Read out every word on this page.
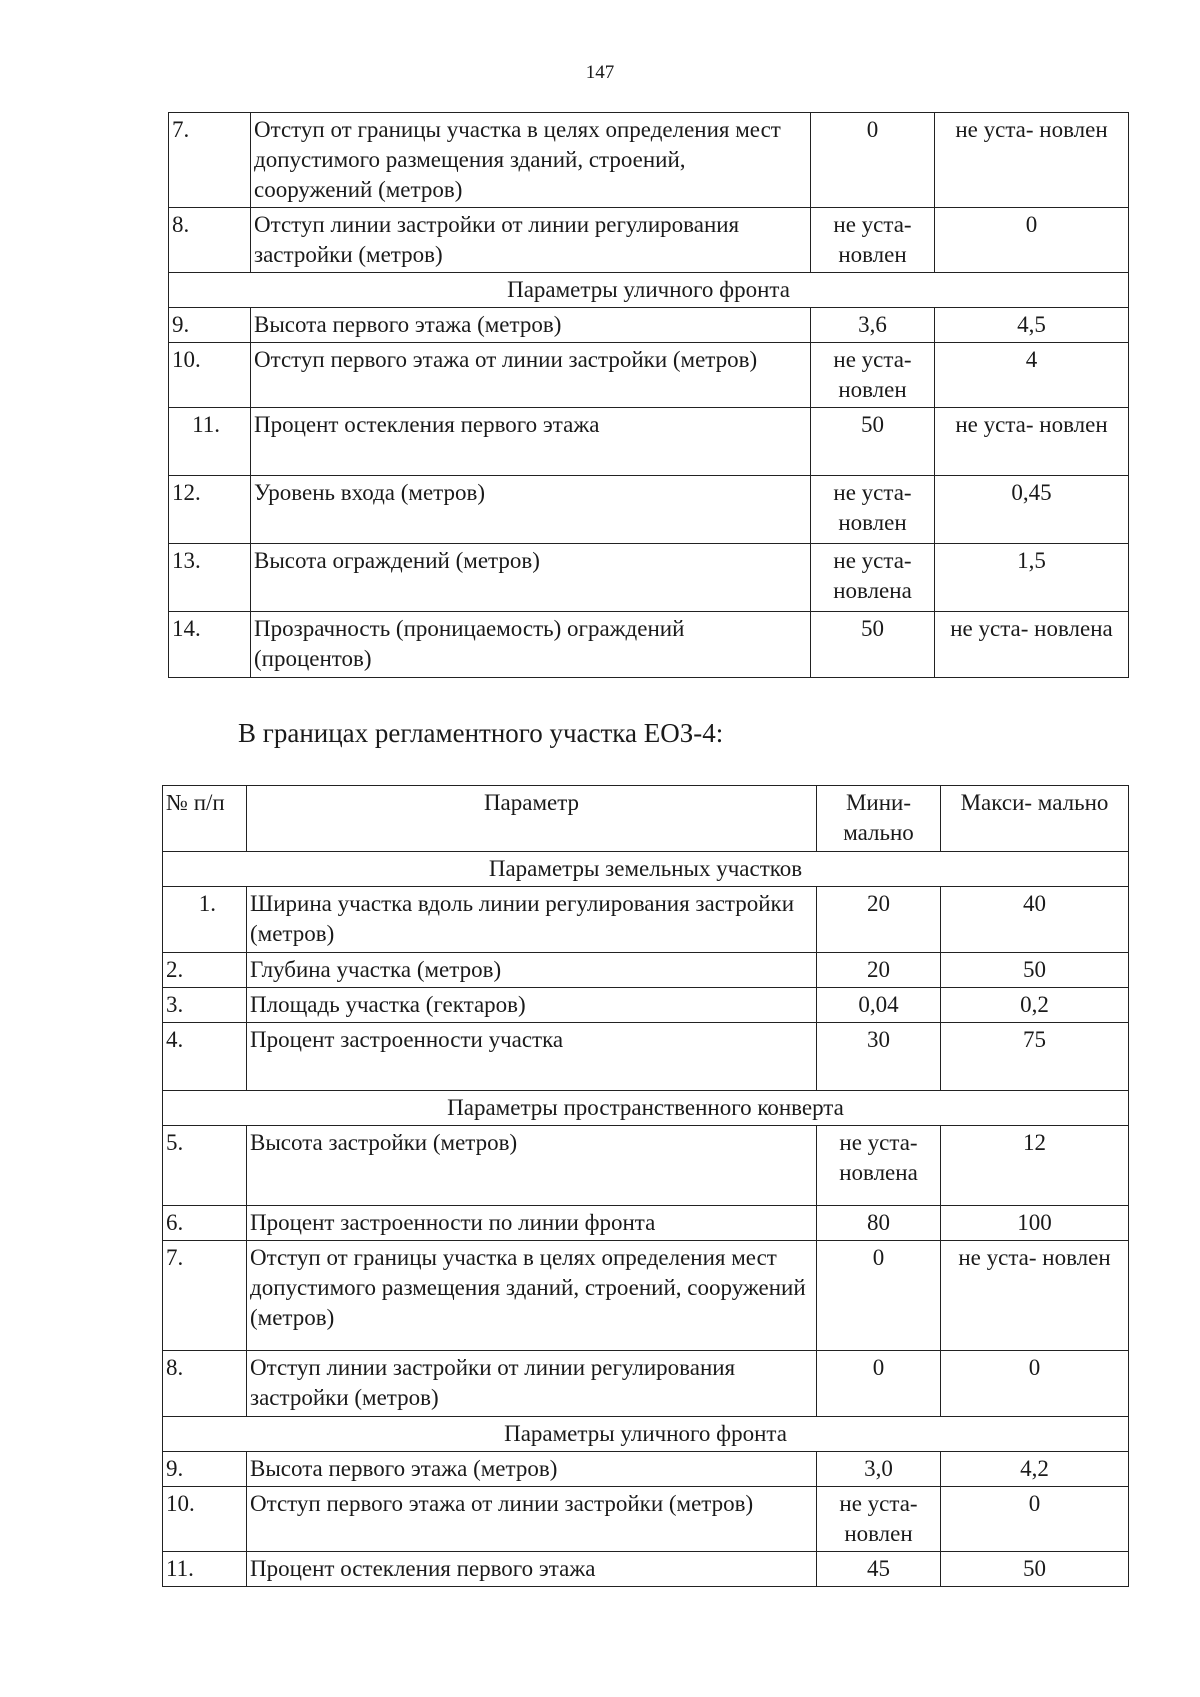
147
7.	Отступ от границы участка в целях определения мест допустимого размещения зданий, строений, сооружений (метров)	0	не уста- новлен
8.	Отступ линии застройки от линии регулирования застройки (метров)	не уста- новлен	0
Параметры уличного фронта			
9.	Высота первого этажа (метров)	3,6	4,5
10.	Отступ первого этажа от линии застройки (метров)	не уста- новлен	4
11.	Процент остекления первого этажа	50	не уста- новлен
12.	Уровень входа (метров)	не уста- новлен	0,45
13.	Высота ограждений (метров)	не уста- новлена	1,5
14.	Прозрачность (проницаемость) ограждений (процентов)	50	не уста- новлена
В границах регламентного участка ЕОЗ-4:
№ п/п	Параметр	Мини- мально	Макси- мально
Параметры земельных участков			
1.	Ширина участка вдоль линии регулирования застройки (метров)	20	40
2.	Глубина участка (метров)	20	50
3.	Площадь участка (гектаров)	0,04	0,2
4.	Процент застроенности участка	30	75
Параметры пространственного конверта			
5.	Высота застройки (метров)	не уста- новлена	12
6.	Процент застроенности по линии фронта	80	100
7.	Отступ от границы участка в целях определения мест допустимого размещения зданий, строений, сооружений (метров)	0	не уста- новлен
8.	Отступ линии застройки от линии регулирования застройки (метров)	0	0
Параметры уличного фронта			
9.	Высота первого этажа (метров)	3,0	4,2
10.	Отступ первого этажа от линии застройки (метров)	не уста- новлен	0
11.	Процент остекления первого этажа	45	50
